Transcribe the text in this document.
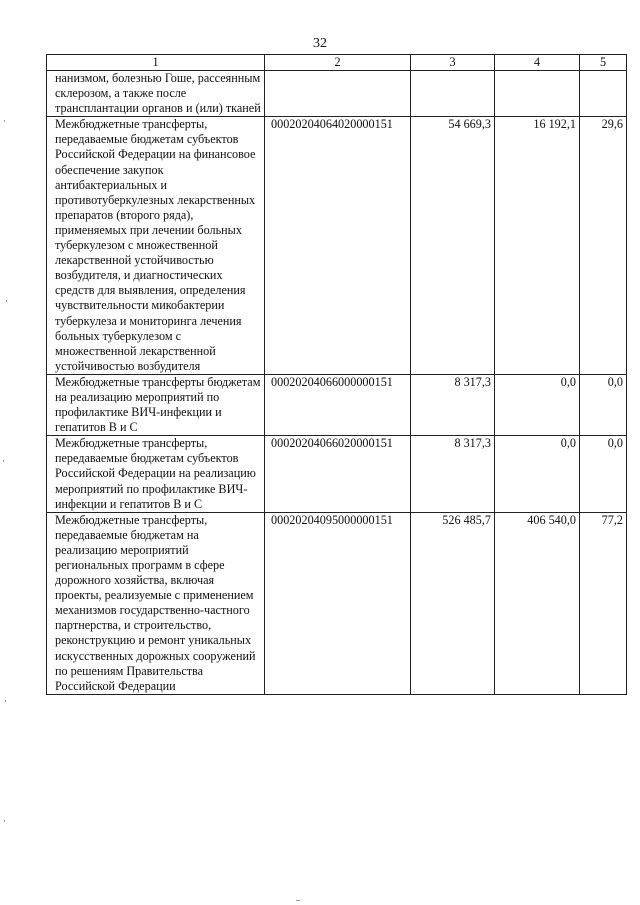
32
1	2	3	4	5
нанизмом, болезнью Гоше, рассеянным склерозом, а также после трансплантации органов и (или) тканей				
Межбюджетные трансферты, передаваемые бюджетам субъектов Российской Федерации на финансовое обеспечение закупок антибактериальных и противотуберкулезных лекарственных препаратов (второго ряда), применяемых при лечении больных туберкулезом с множественной лекарственной устойчивостью возбудителя, и диагностических средств для выявления, определения чувствительности микобактерии туберкулеза и мониторинга лечения больных туберкулезом с множественной лекарственной устойчивостью возбудителя	00020204064020000151	54 669,3	16 192,1	29,6
Межбюджетные трансферты бюджетам на реализацию мероприятий по профилактике ВИЧ-инфекции и гепатитов В и С	00020204066000000151	8 317,3	0,0	0,0
Межбюджетные трансферты, передаваемые бюджетам субъектов Российской Федерации на реализацию мероприятий по профилактике ВИЧ-инфекции и гепатитов В и С	00020204066020000151	8 317,3	0,0	0,0
Межбюджетные трансферты, передаваемые бюджетам на реализацию мероприятий региональных программ в сфере дорожного хозяйства, включая проекты, реализуемые с применением механизмов государственно-частного партнерства, и строительство, реконструкцию и ремонт уникальных искусственных дорожных сооружений по решениям Правительства Российской Федерации	00020204095000000151	526 485,7	406 540,0	77,2
